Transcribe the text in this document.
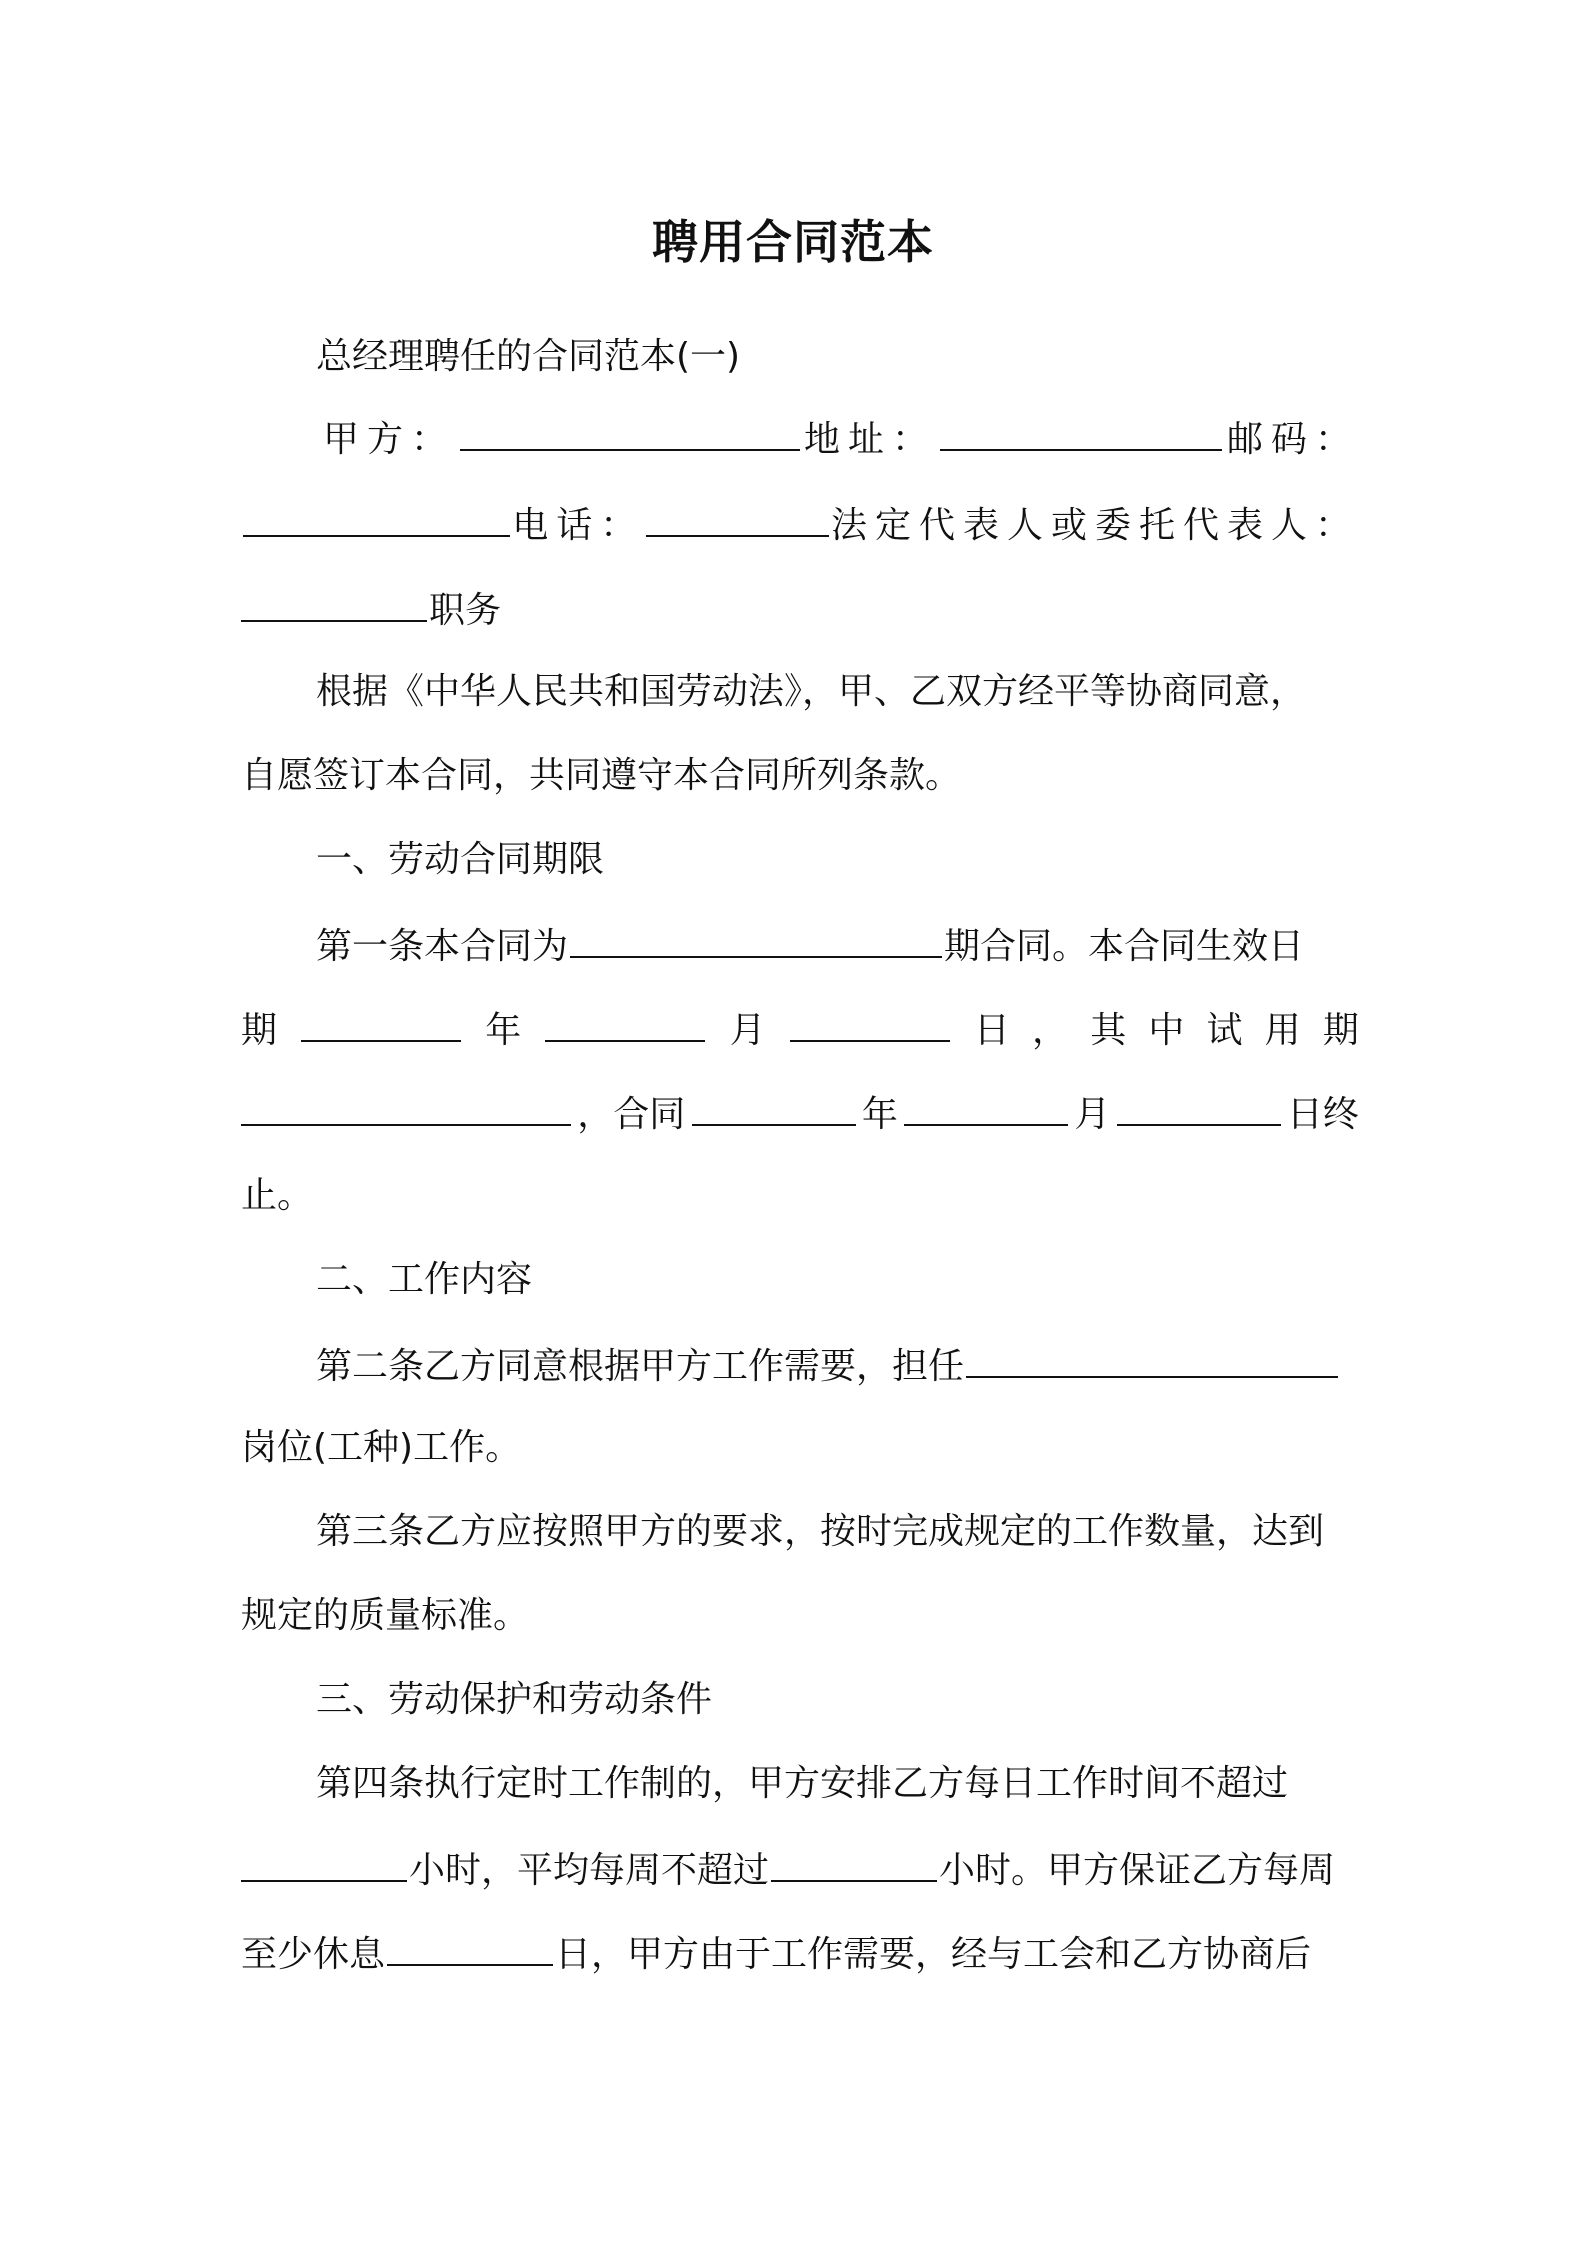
聘用合同范本
总经理聘任的合同范本(一)
甲方：	地址：	邮码：
电话：	法定代表人或委托代表人：
职务
根据《中华人民共和国劳动法》，甲、乙双方经平等协商同意，
自愿签订本合同，共同遵守本合同所列条款。
一、劳动合同期限
第一条本合同为	期合同。本合同生效日
期	年	月	日 ， 其 中 试 用 期
，合同	年	月	日终
止。
二、工作内容
第二条乙方同意根据甲方工作需要，担任
岗位(工种)工作。
第三条乙方应按照甲方的要求，按时完成规定的工作数量，达到
规定的质量标准。
三、劳动保护和劳动条件
第四条执行定时工作制的，甲方安排乙方每日工作时间不超过
小时，平均每周不超过	小时。甲方保证乙方每周
至少休息	日，甲方由于工作需要，经与工会和乙方协商后
